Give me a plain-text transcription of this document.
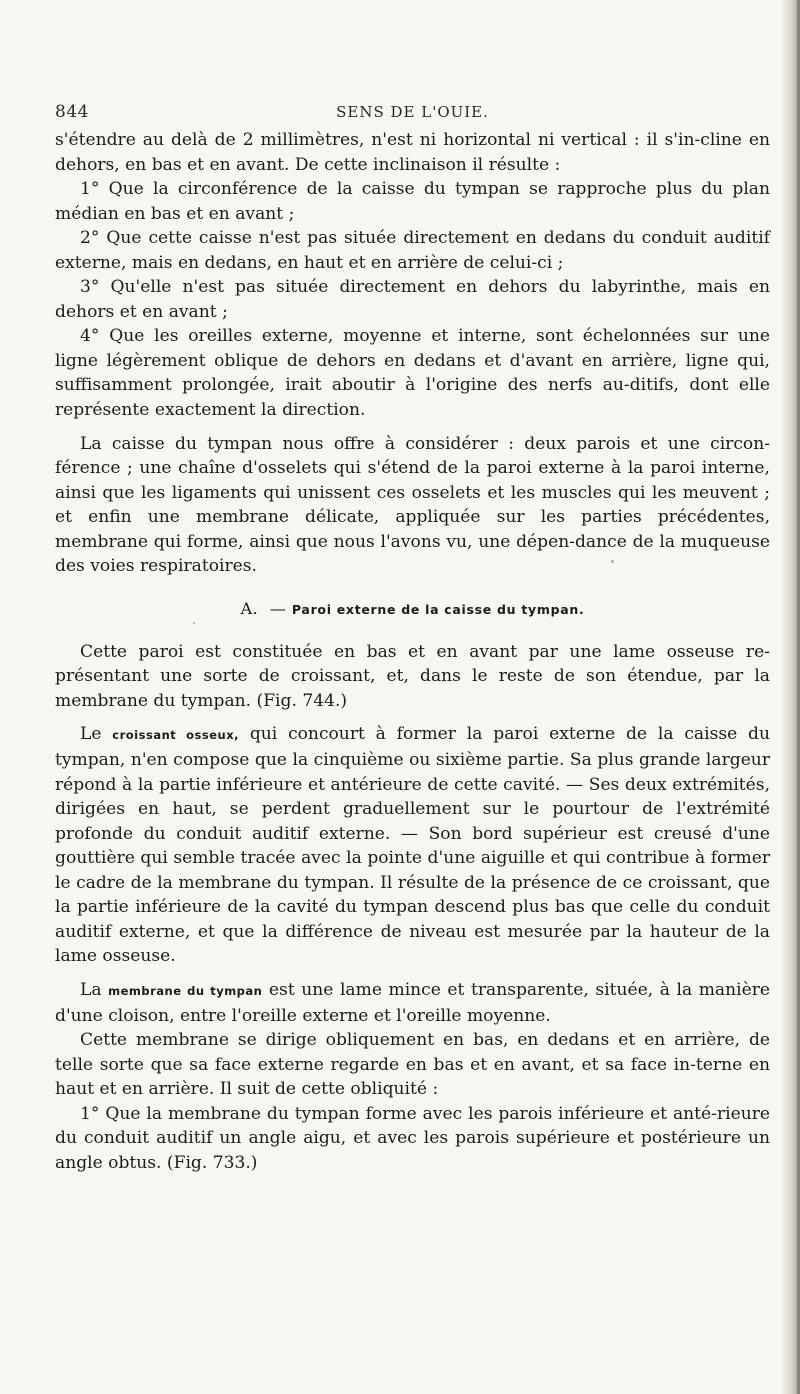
844	SENS DE L'OUIE.

s'étendre au delà de 2 millimètres, n'est ni horizontal ni vertical : il s'in-cline en dehors, en bas et en avant. De cette inclinaison il résulte :

1° Que la circonférence de la caisse du tympan se rapproche plus du plan médian en bas et en avant ;

2° Que cette caisse n'est pas située directement en dedans du conduit auditif externe, mais en dedans, en haut et en arrière de celui-ci ;

3° Qu'elle n'est pas située directement en dehors du labyrinthe, mais en dehors et en avant ;

4° Que les oreilles externe, moyenne et interne, sont échelonnées sur une ligne légèrement oblique de dehors en dedans et d'avant en arrière, ligne qui, suffisamment prolongée, irait aboutir à l'origine des nerfs au-ditifs, dont elle représente exactement la direction.

La caisse du tympan nous offre à considérer : deux parois et une circon-férence ; une chaîne d'osselets qui s'étend de la paroi externe à la paroi interne, ainsi que les ligaments qui unissent ces osselets et les muscles qui les meuvent ; et enfin une membrane délicate, appliquée sur les parties précédentes, membrane qui forme, ainsi que nous l'avons vu, une dépen-dance de la muqueuse des voies respiratoires.

A. — Paroi externe de la caisse du tympan.

Cette paroi est constituée en bas et en avant par une lame osseuse re-présentant une sorte de croissant, et, dans le reste de son étendue, par la membrane du tympan. (Fig. 744.)

Le croissant osseux, qui concourt à former la paroi externe de la caisse du tympan, n'en compose que la cinquième ou sixième partie. Sa plus grande largeur répond à la partie inférieure et antérieure de cette cavité. — Ses deux extrémités, dirigées en haut, se perdent graduellement sur le pourtour de l'extrémité profonde du conduit auditif externe. — Son bord supérieur est creusé d'une gouttière qui semble tracée avec la pointe d'une aiguille et qui contribue à former le cadre de la membrane du tympan. Il résulte de la présence de ce croissant, que la partie inférieure de la cavité du tympan descend plus bas que celle du conduit auditif externe, et que la différence de niveau est mesurée par la hauteur de la lame osseuse.

La membrane du tympan est une lame mince et transparente, située, à la manière d'une cloison, entre l'oreille externe et l'oreille moyenne.

Cette membrane se dirige obliquement en bas, en dedans et en arrière, de telle sorte que sa face externe regarde en bas et en avant, et sa face in-terne en haut et en arrière. Il suit de cette obliquité :

1° Que la membrane du tympan forme avec les parois inférieure et anté-rieure du conduit auditif un angle aigu, et avec les parois supérieure et postérieure un angle obtus. (Fig. 733.)
